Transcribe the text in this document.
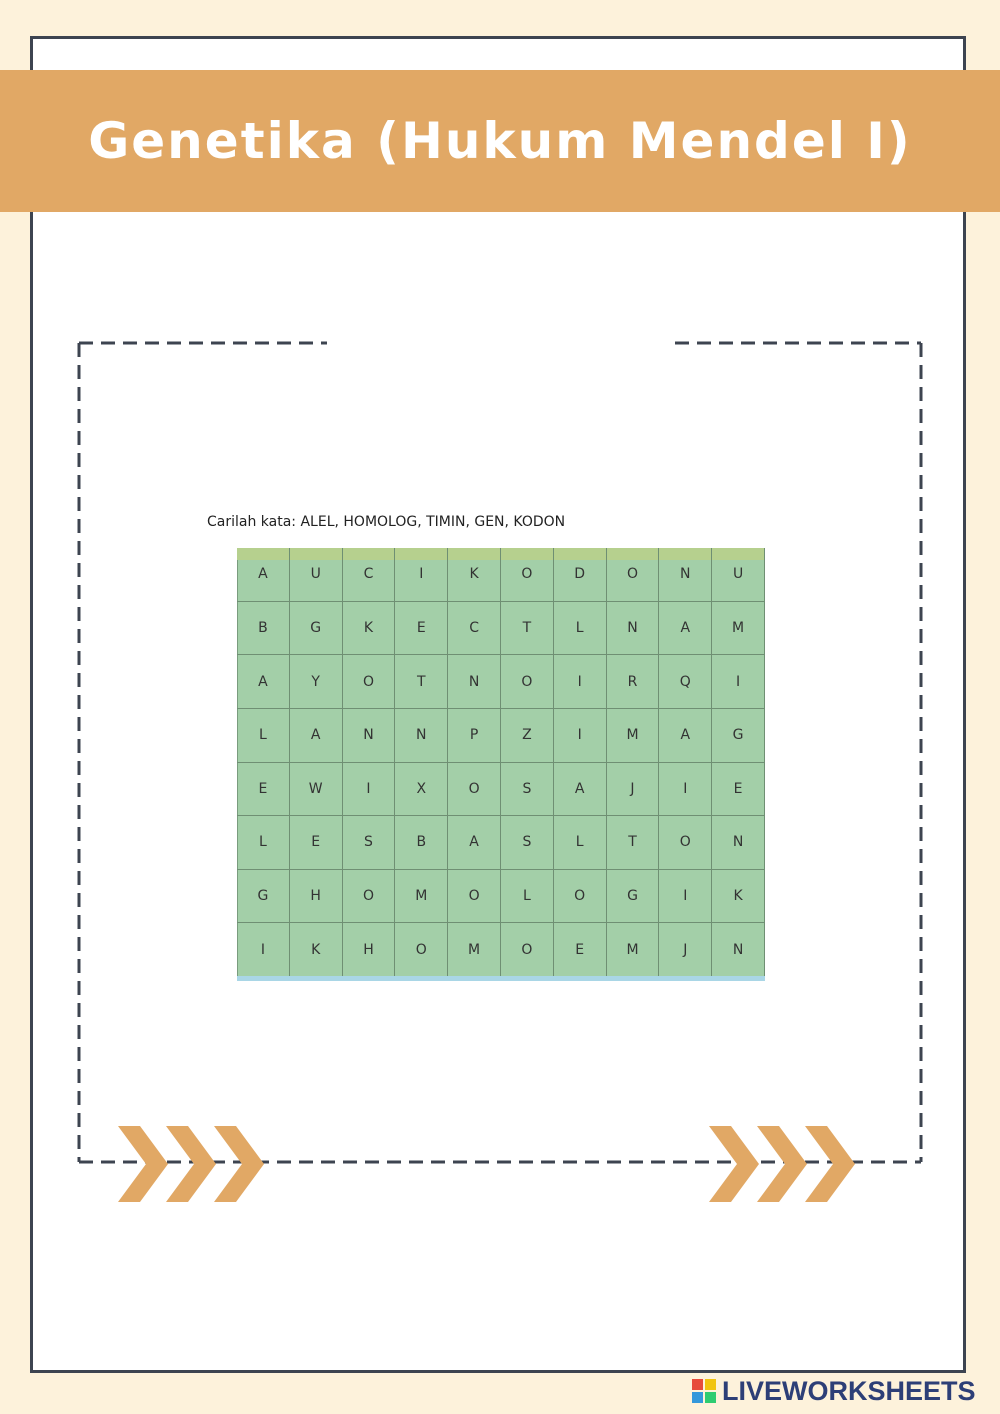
Genetika (Hukum Mendel I)
Carilah kata: ALEL, HOMOLOG, TIMIN, GEN, KODON
A	U	C	I	K	O	D	O	N	U
B	G	K	E	C	T	L	N	A	M
A	Y	O	T	N	O	I	R	Q	I
L	A	N	N	P	Z	I	M	A	G
E	W	I	X	O	S	A	J	I	E
L	E	S	B	A	S	L	T	O	N
G	H	O	M	O	L	O	G	I	K
I	K	H	O	M	O	E	M	J	N
LIVEWORKSHEETS
